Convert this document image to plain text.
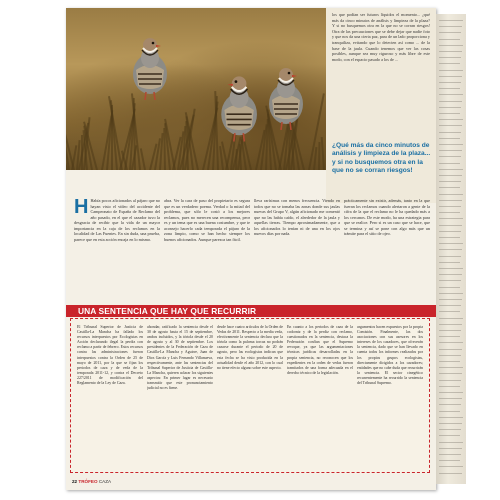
los que podían ser futuros líquidos el momento... ¿qué más da cinco minutos de análisis y limpieza de la plaza? Y si no busquemos otra en la que no se corran riesgos! Otra de las precauciones que se debe dejar que nadie foto y que nos da una cierta paz, para de un lado proporciona y tranquiliza, evitando que lo detecten así como ... de la base de la jaula. Cuando tenemos que ver las cosas posibles, aunque sea muy riguroso y más libre de este modo, con el espacio pasado a los de ...
¿Qué más da cinco minutos de análisis y limpieza de la plaza... y si no busquemos otra en la que no se corran riesgos!
H Había pocos aficionados al pájaro que no hayan visto el vídeo del accidente del Campeonato de España de Reclamo del año pasado, en el que el cazador tuvo la desgracia de recibir que la vida de un mayor importancia en la caja de los reclamos en la localidad de Las Fuentes. En sin duda, una prueba, parece que en esta acción encaja en lo mismo.
abra. Ver la cara de paso del propietario es segura que es un verdadero poema. Verdad o la mitad del problema, que sólo le costó a los mejores reclamos, pues no merecen una recompensa, peor es y un tema que es una buena costumbre, y que te aconsejo hacerlo cada temporada el pájaro de la zona limpio, como se han hecho siempre los buenos aficionados. Aunque parezca tan fácil.
lleva rarísimas con menos frecuencia. Viendo en todos que no se tomaba las zonas donde sus jaulas nuevas del Grupo V, algún aficionado me comentó que no las había caído, el alrededor de la jaula y aquellas tierras. Tiempo aproximadamente, que a los aficionados lo tenían ni de una en los ojos nuevos días por nada.
prácticamente sin existir, además, tanto en la que fueran los reclamos cuando alertaron a gente de la cifra de la que el reclamo no le ha quedado más a los cercanos. De este modo, ha una estrategia para que se realice. Pero si es un caso que se hace, que se termina y así se pone con algo más que un trámite para el sitio de ojeo.
UNA SENTENCIA QUE HAY QUE RECURRIR
El Tribunal Superior de Justicia de Castilla-La Mancha ha fallado los recursos interpuestos por Ecologistas en Acción declarando ilegal la perdiz con reclamo a partir de febrero. Estos recursos contra las administraciones fueron interpuestos contra la Orden de 25 de mayo de 2011, por la que se fijan los periodos de caza y de veda de la temporada 2011-12, y contra el Decreto 227/2011 de modificación del Reglamento de la Ley de Caza.
ahondar, ratificado la sentencia desde el 30 de agosto hasta el 15 de septiembre, ambos incluidos, y la tórtola desde el 20 de agosto y al 30 de septiembre. Los presidentes de la Federación de Caza de Castilla-La Mancha y Aguirre, Juan de Dios García y Luis Fernando Villanueva, respectivamente, ante las sentencias del Tribunal Superior de Justicia de Castilla-La Mancha, quieren aclarar los siguientes aspectos: En primer lugar es necesario transmitir que este pronunciamiento judicial no es firme.
desde hace cuatro artículos de la Orden de Vedas de 2011. Respecto a la media veda, efectivamente la sentencia declara que la tórtola como la paloma torcaz no podrán cazarse durante el periodo de 20 de agosto, pero las ecologistas indican que esta fecha se ha visto producida en la actualidad desde el año 2012, con lo cual no tiene efecto alguno sobre este aspecto.
En cuanto a los periodos de caza de la codorniz y de la perdiz con reclamo, cuestionados en la sentencia, destaca la Federación confían que el Supremo revoque, ya que las argumentaciones técnicas jurídicas desarrolladas en la propia sentencia, no reconocen que los expedientes en la orden de vedas fueron tramitados de una forma adecuada en el derecho técnico de la legislación.
argumentos hacen expuestos por la propia Comisión. Finalmente, las dos asociaciones con sus asesores en los intereses de los cazadores, que ofrecerán la sentencia, dado que se han llevado en cuenta todos los informes realizados por los propios grupos ecologistas, directamente dirigidos a los cazadores; entidades que no cabe duda que recurrirán la sentencia. El sector cinegético recurrentemente ha recurrido la sentencia del Tribunal Supremo.
22 TRÓFEO CAZA
